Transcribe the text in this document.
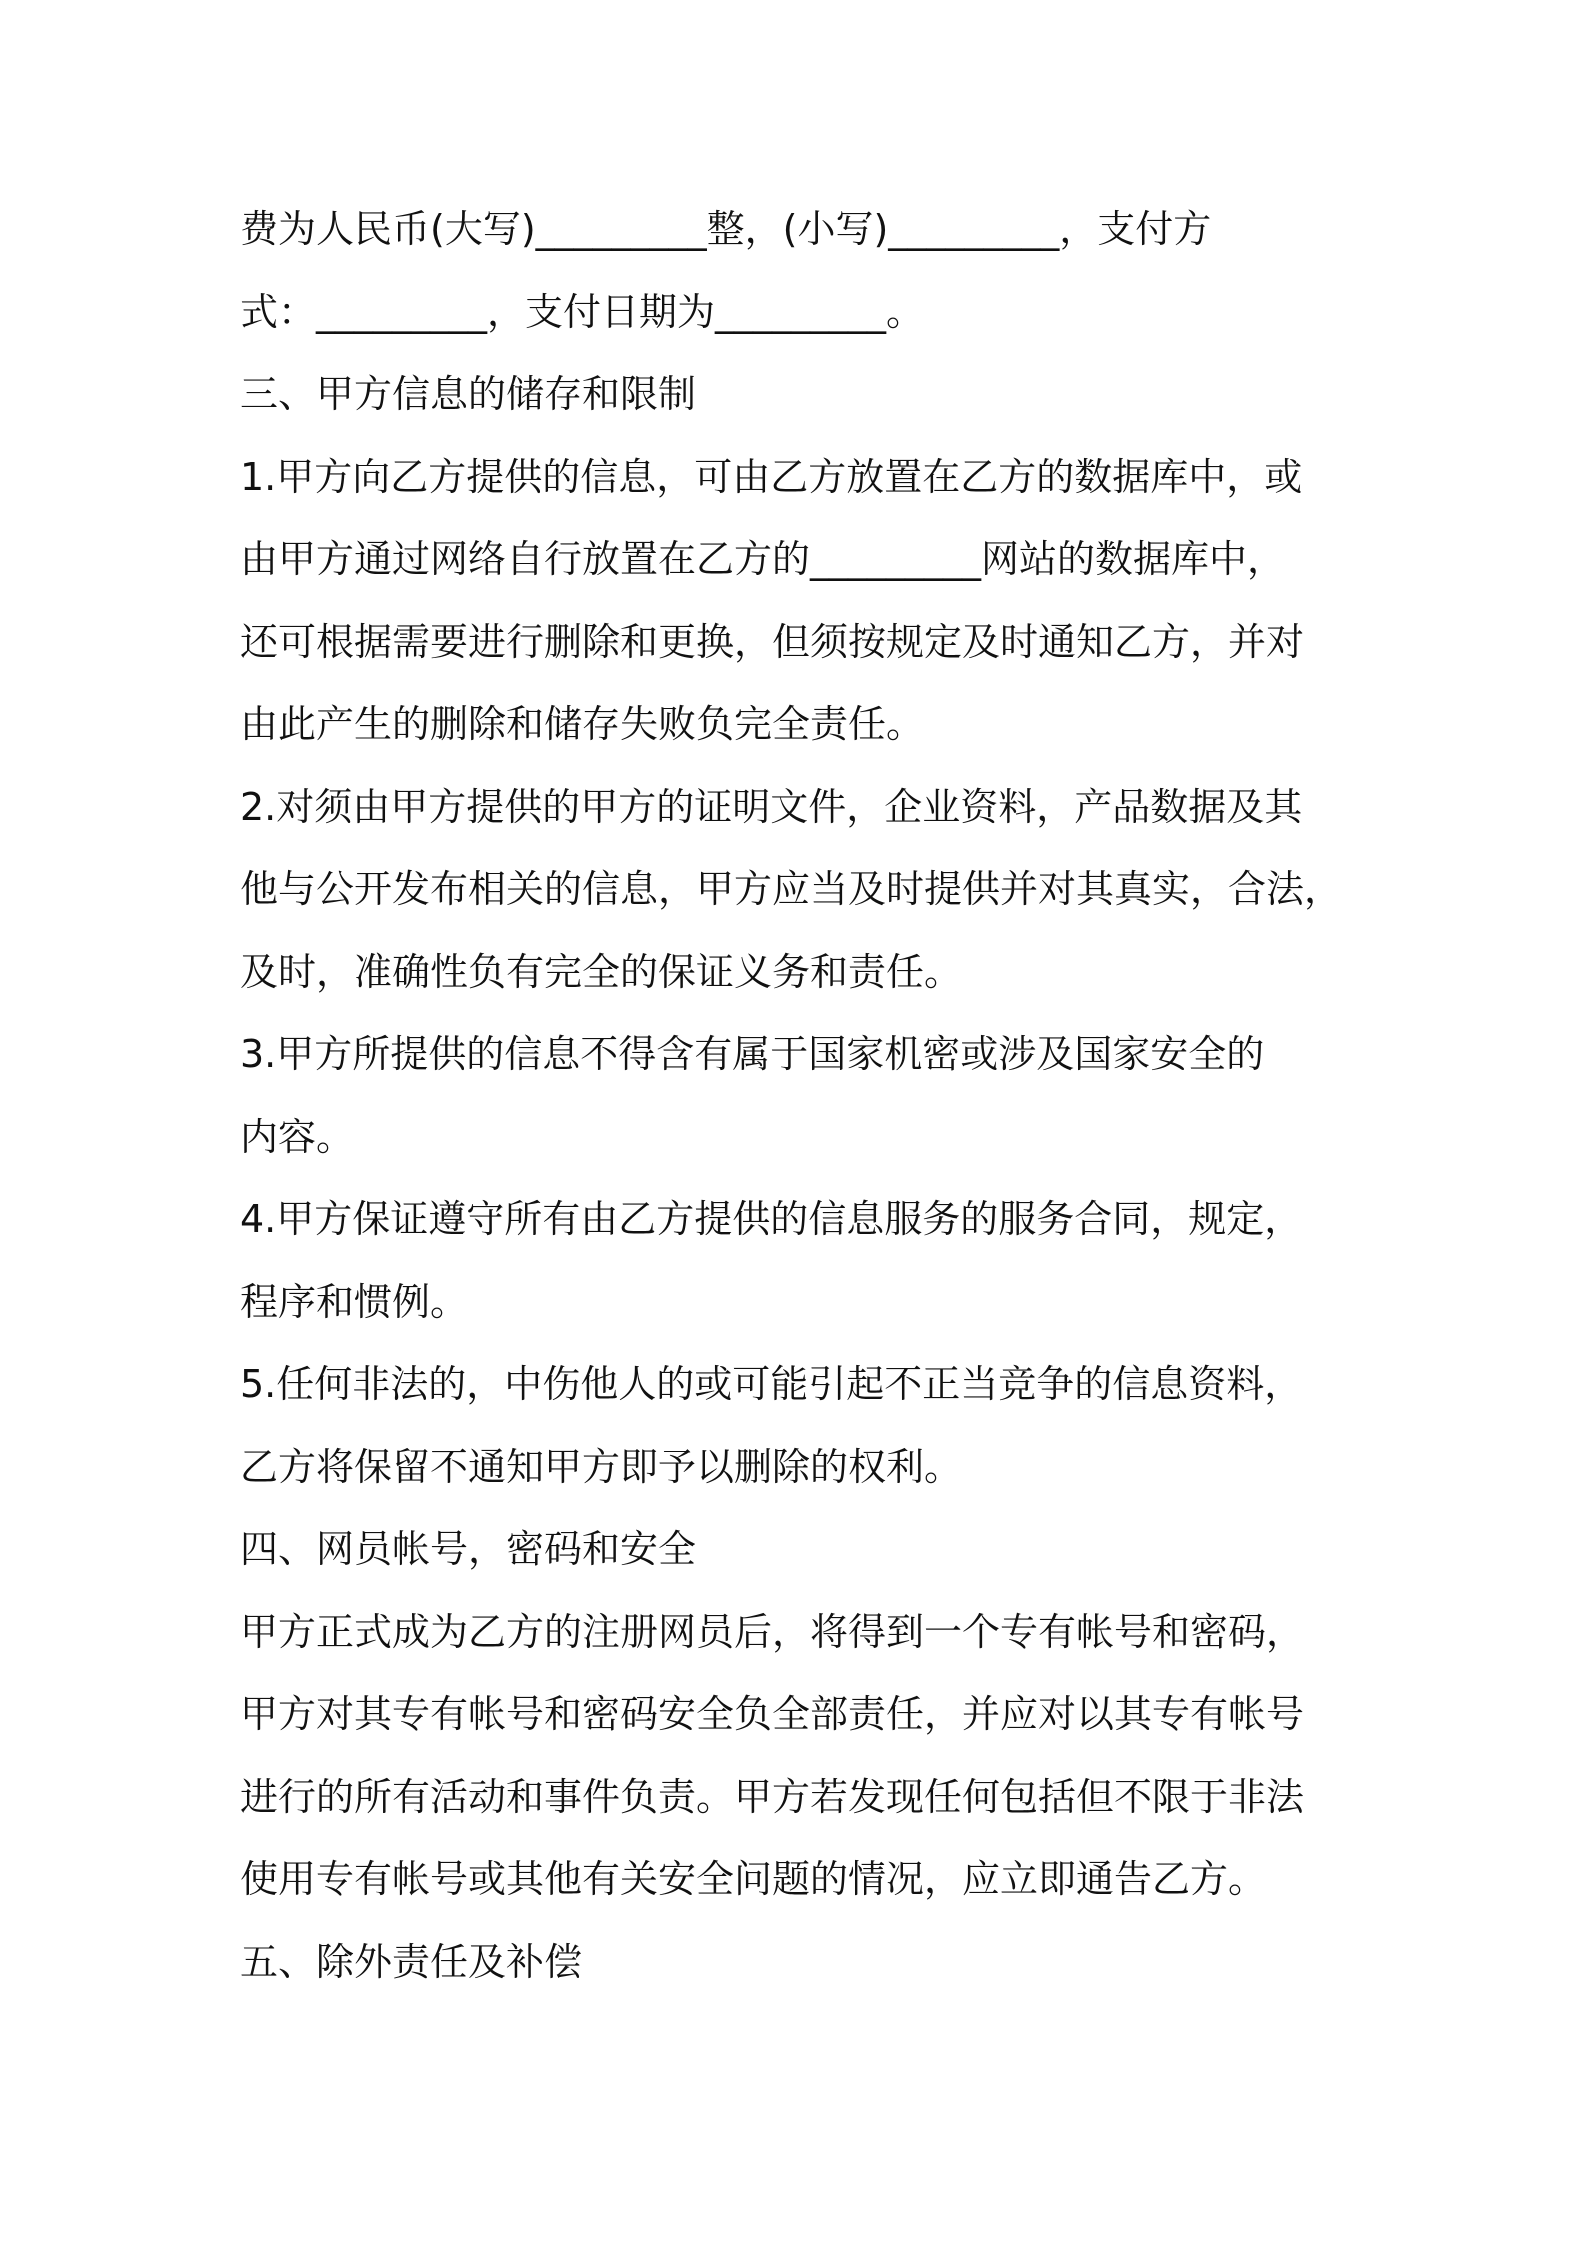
费为人民币(大写)_________整，(小写)_________，支付方
式：_________，支付日期为_________。
三、甲方信息的储存和限制
1.甲方向乙方提供的信息，可由乙方放置在乙方的数据库中，或
由甲方通过网络自行放置在乙方的_________网站的数据库中，
还可根据需要进行删除和更换，但须按规定及时通知乙方，并对
由此产生的删除和储存失败负完全责任。
2.对须由甲方提供的甲方的证明文件，企业资料，产品数据及其
他与公开发布相关的信息，甲方应当及时提供并对其真实，合法，
及时，准确性负有完全的保证义务和责任。
3.甲方所提供的信息不得含有属于国家机密或涉及国家安全的
内容。
4.甲方保证遵守所有由乙方提供的信息服务的服务合同，规定，
程序和惯例。
5.任何非法的，中伤他人的或可能引起不正当竞争的信息资料，
乙方将保留不通知甲方即予以删除的权利。
四、网员帐号，密码和安全
甲方正式成为乙方的注册网员后，将得到一个专有帐号和密码，
甲方对其专有帐号和密码安全负全部责任，并应对以其专有帐号
进行的所有活动和事件负责。甲方若发现任何包括但不限于非法
使用专有帐号或其他有关安全问题的情况，应立即通告乙方。
五、除外责任及补偿
